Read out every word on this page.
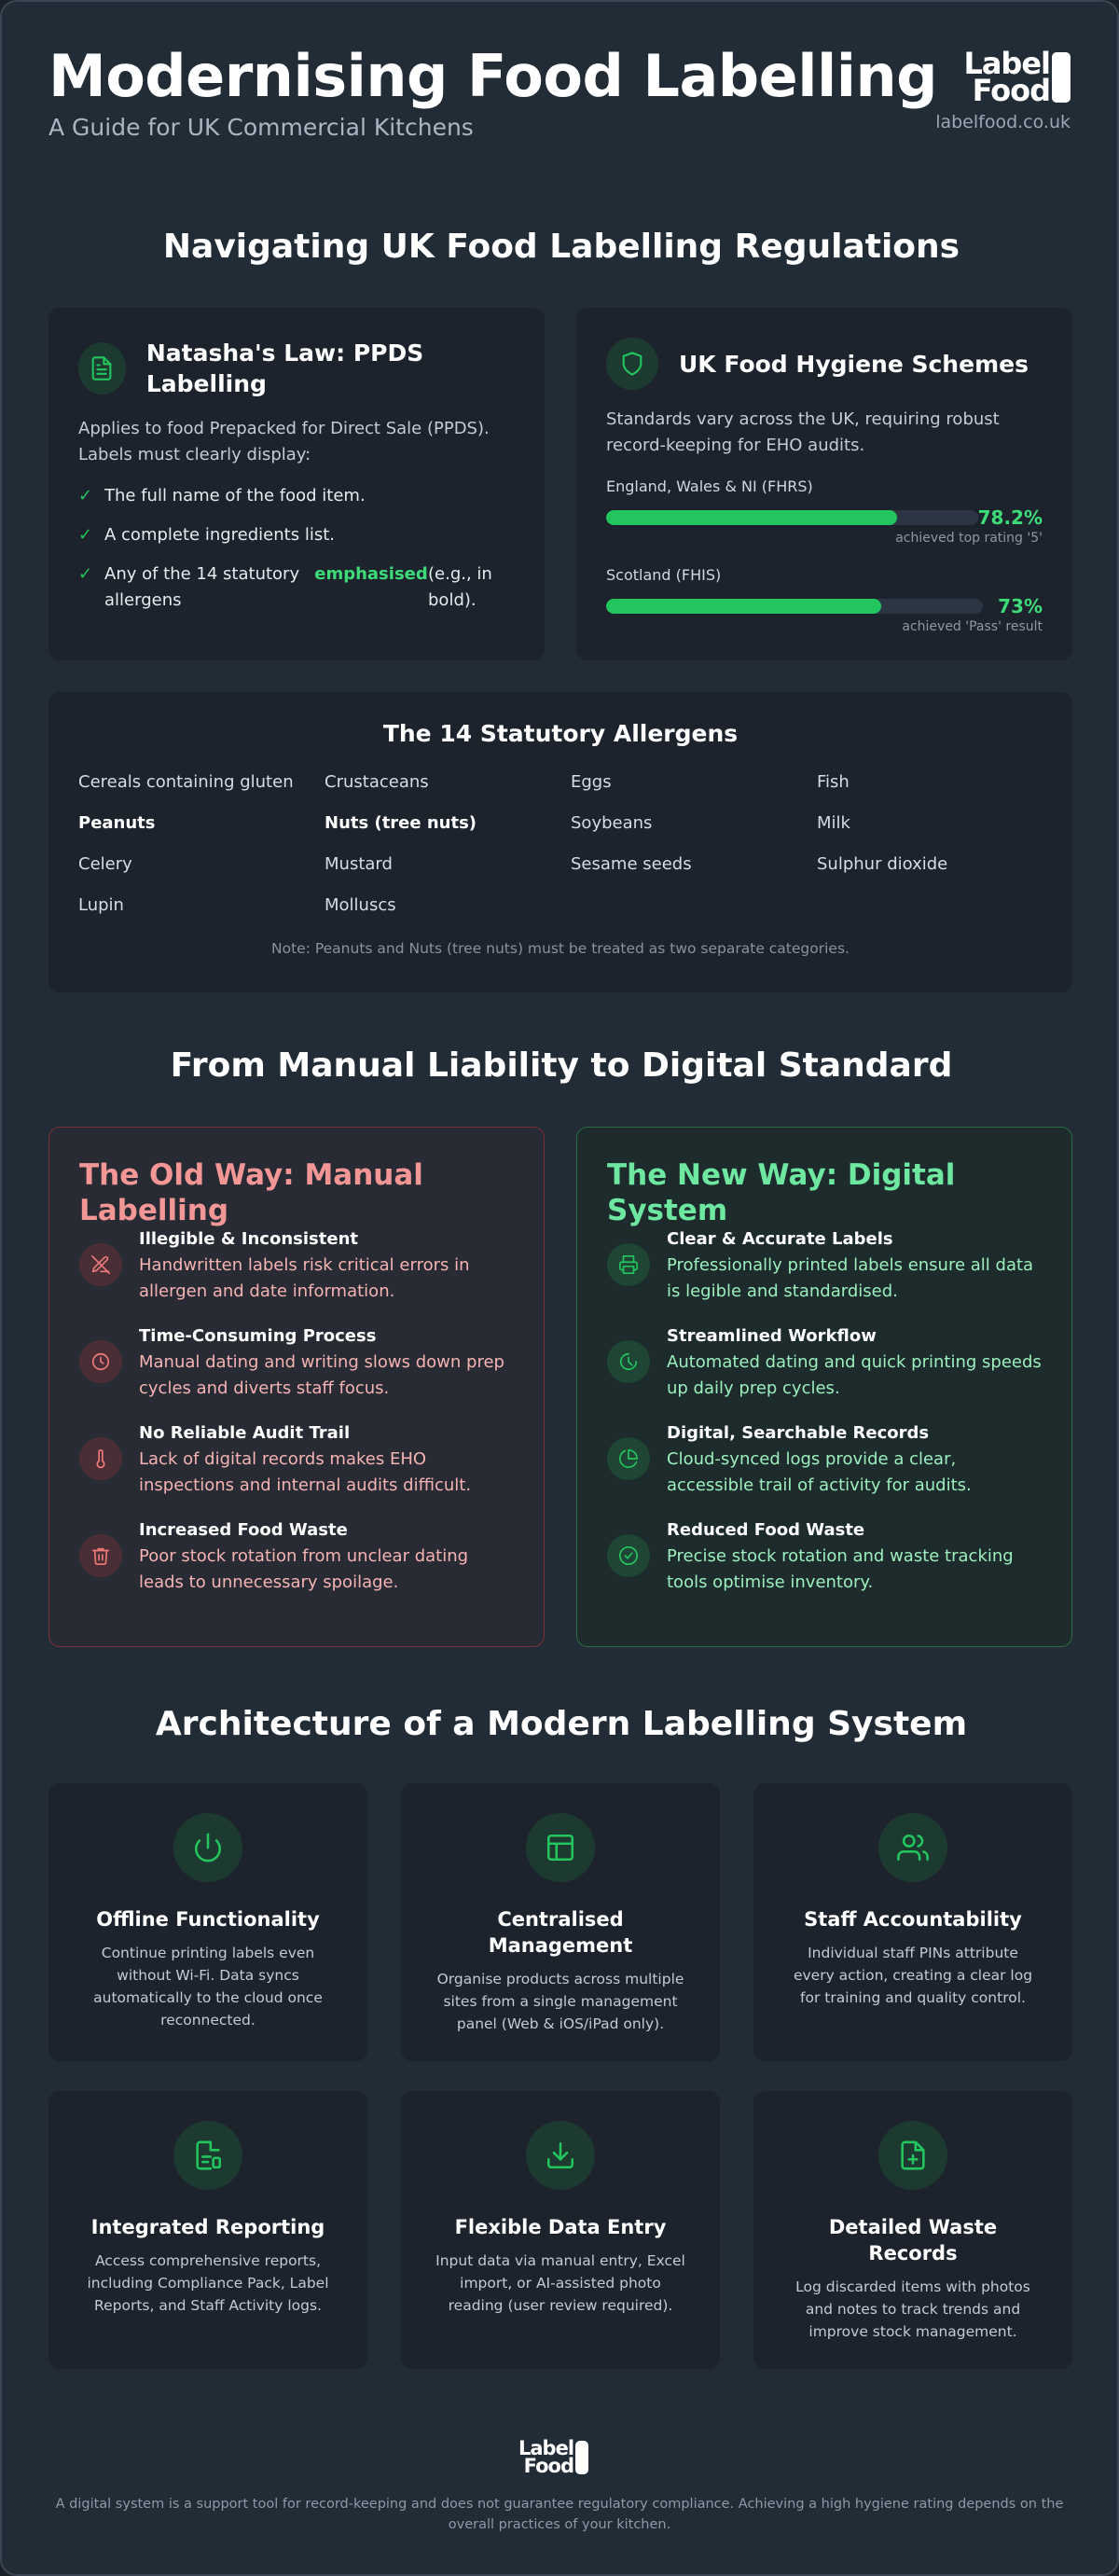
Modernising Food Labelling
A Guide for UK Commercial Kitchens
Label
Food
labelfood.co.uk
Navigating UK Food Labelling Regulations
Natasha's Law: PPDS Labelling
Applies to food Prepacked for Direct Sale (PPDS). Labels must clearly display:
✓ The full name of the food item.
✓ A complete ingredients list.
✓ Any of the 14 statutory allergens
emphasised (e.g., in bold).
UK Food Hygiene Schemes
Standards vary across the UK, requiring robust record-keeping for EHO audits.
England, Wales & NI (FHRS)
78.2%
achieved top rating '5'
Scotland (FHIS)
73%
achieved 'Pass' result
The 14 Statutory Allergens
Cereals containing gluten	Crustaceans	Eggs	Fish
Peanuts	Nuts (tree nuts)	Soybeans	Milk
Celery	Mustard	Sesame seeds	Sulphur dioxide
Lupin	Molluscs
Note: Peanuts and Nuts (tree nuts) must be treated as two separate categories.
From Manual Liability to Digital Standard
The Old Way: Manual Labelling
Illegible & Inconsistent
Handwritten labels risk critical errors in allergen and date information.
Time-Consuming Process
Manual dating and writing slows down prep cycles and diverts staff focus.
No Reliable Audit Trail
Lack of digital records makes EHO inspections and internal audits difficult.
Increased Food Waste
Poor stock rotation from unclear dating leads to unnecessary spoilage.
The New Way: Digital System
Clear & Accurate Labels
Professionally printed labels ensure all data is legible and standardised.
Streamlined Workflow
Automated dating and quick printing speeds up daily prep cycles.
Digital, Searchable Records
Cloud-synced logs provide a clear, accessible trail of activity for audits.
Reduced Food Waste
Precise stock rotation and waste tracking tools optimise inventory.
Architecture of a Modern Labelling System
Offline Functionality
Continue printing labels even without Wi-Fi. Data syncs automatically to the cloud once reconnected.
Centralised Management
Organise products across multiple sites from a single management panel (Web & iOS/iPad only).
Staff Accountability
Individual staff PINs attribute every action, creating a clear log for training and quality control.
Integrated Reporting
Access comprehensive reports, including Compliance Pack, Label Reports, and Staff Activity logs.
Flexible Data Entry
Input data via manual entry, Excel import, or AI-assisted photo reading (user review required).
Detailed Waste Records
Log discarded items with photos and notes to track trends and improve stock management.
Label
Food
A digital system is a support tool for record-keeping and does not guarantee regulatory compliance. Achieving a high hygiene rating depends on the overall practices of your kitchen.
